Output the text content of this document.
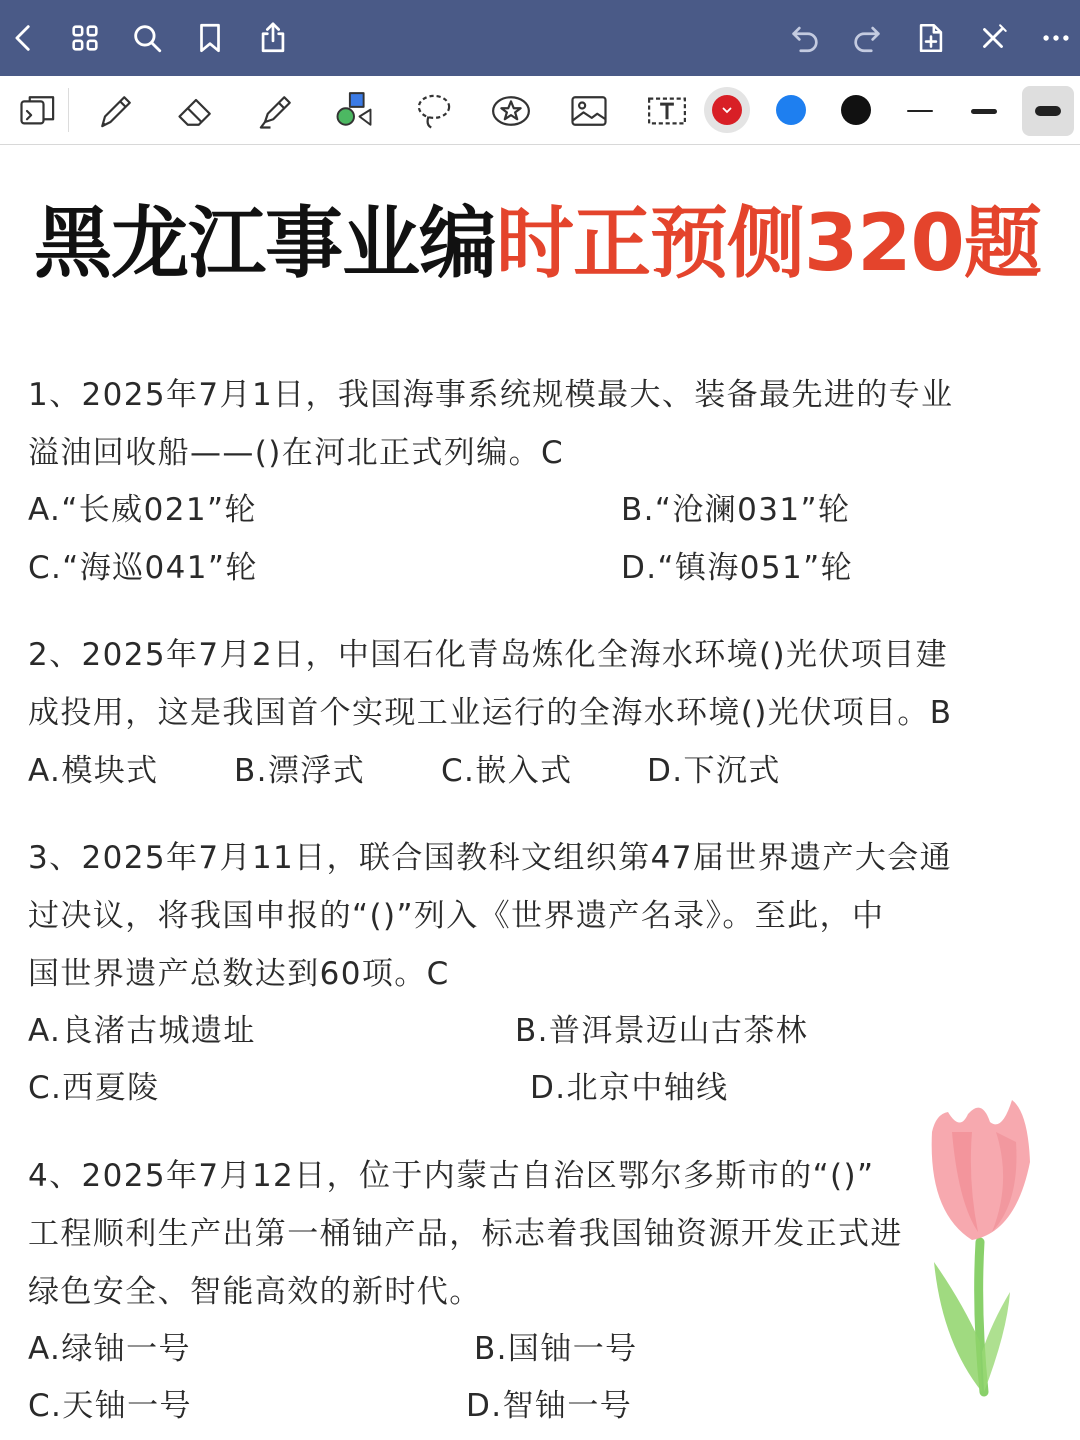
黑龙江事业编时正预侧320题
1、2025年7月1日，我国海事系统规模最大、装备最先进的专业
溢油回收船——()在河北正式列编。C
A.“长威021”轮	B.“沧澜031”轮
C.“海巡041”轮	D.“镇海051”轮
2、2025年7月2日，中国石化青岛炼化全海水环境()光伏项目建
成投用，这是我国首个实现工业运行的全海水环境()光伏项目。B
A.模块式 B.漂浮式 C.嵌入式 D.下沉式
3、2025年7月11日，联合国教科文组织第47届世界遗产大会通
过决议，将我国申报的“()”列入《世界遗产名录》。至此，中
国世界遗产总数达到60项。C
A.良渚古城遗址	B.普洱景迈山古茶林
C.西夏陵	D.北京中轴线
4、2025年7月12日，位于内蒙古自治区鄂尔多斯市的“()”
工程顺利生产出第一桶铀产品，标志着我国铀资源开发正式进
绿色安全、智能高效的新时代。
A.绿铀一号	B.国铀一号
C.天铀一号	D.智铀一号
